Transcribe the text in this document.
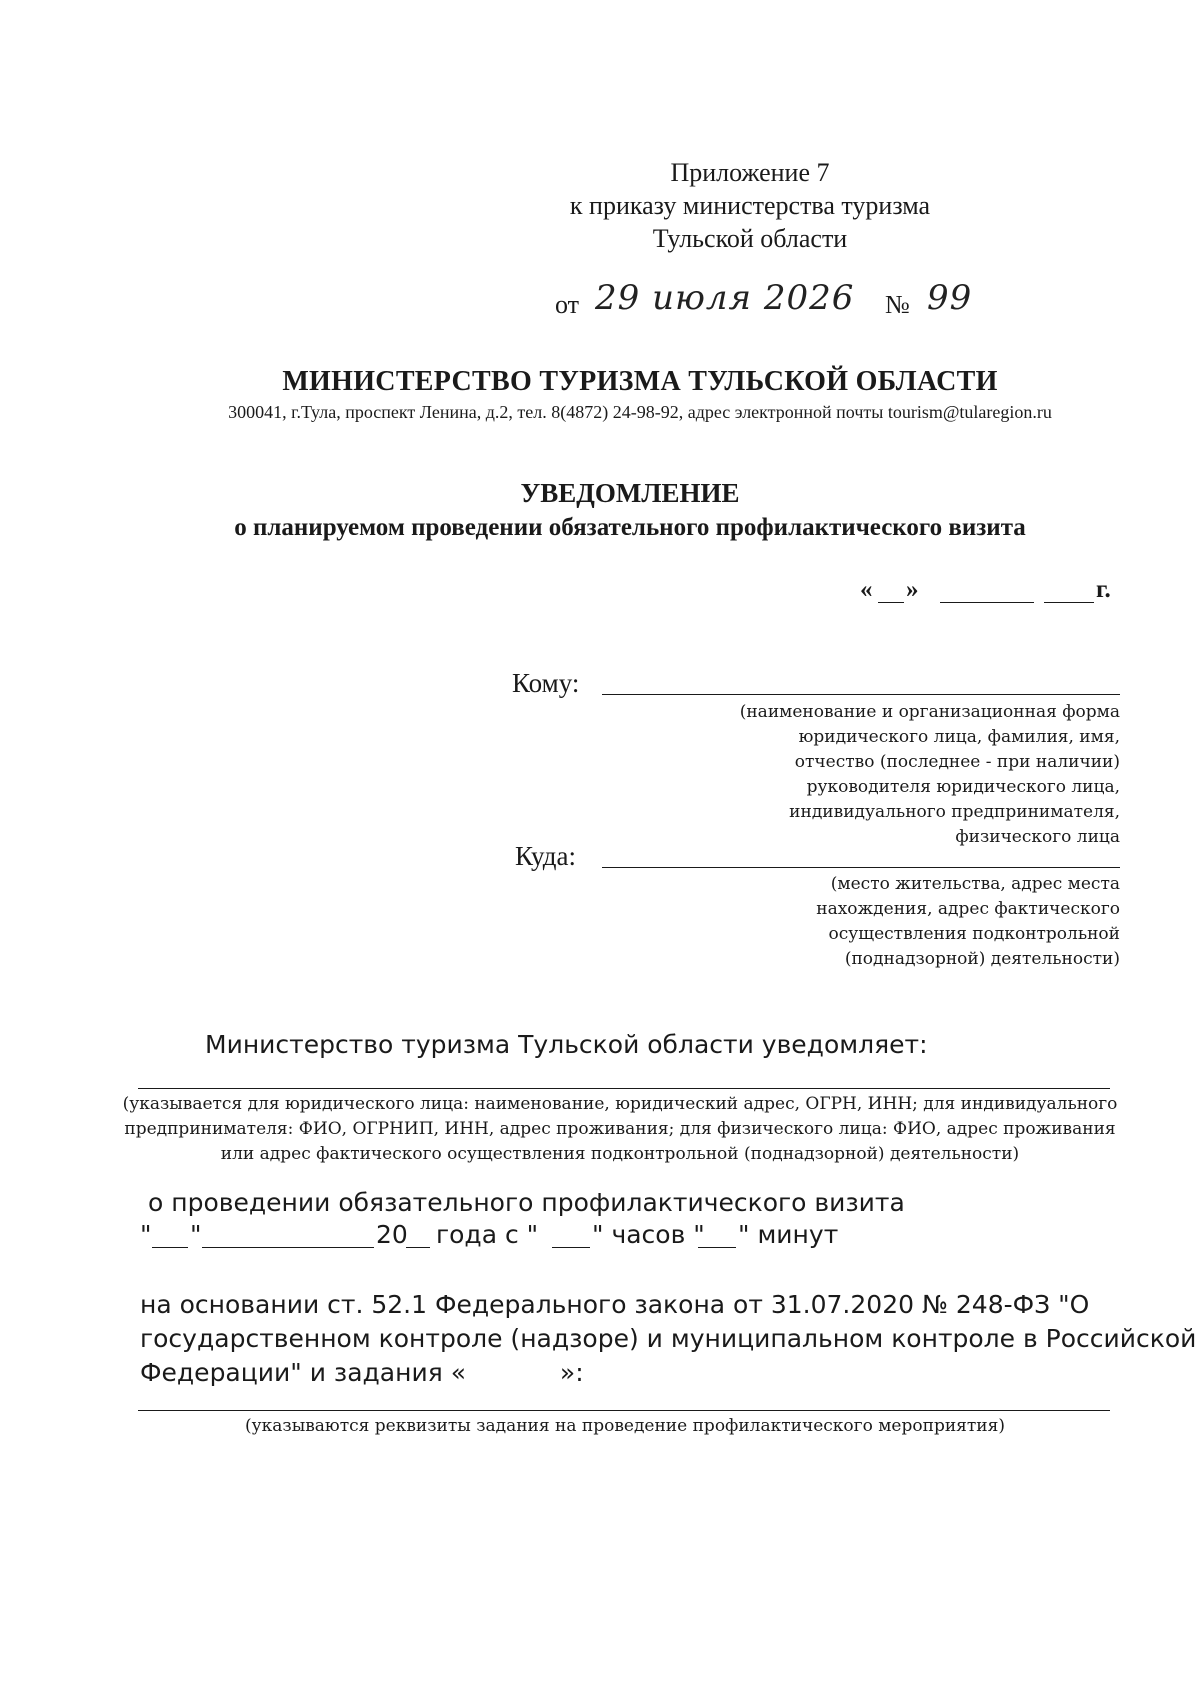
Приложение 7
к приказу министерства туризма
Тульской области
от 29 июля 2026 № 99
МИНИСТЕРСТВО ТУРИЗМА ТУЛЬСКОЙ ОБЛАСТИ
300041, г.Тула, проспект Ленина, д.2, тел. 8(4872) 24-98-92, адрес электронной почты tourism@tularegion.ru
УВЕДОМЛЕНИЕ
о планируемом проведении обязательного профилактического визита
« »	г.
Кому:
(наименование и организационная форма
юридического лица, фамилия, имя,
отчество (последнее - при наличии)
руководителя юридического лица,
индивидуального предпринимателя,
физического лица
Куда:
(место жительства, адрес места
нахождения, адрес фактического
осуществления подконтрольной
(поднадзорной) деятельности)
Министерство туризма Тульской области уведомляет:
(указывается для юридического лица: наименование, юридический адрес, ОГРН, ИНН; для индивидуального
предпринимателя: ФИО, ОГРНИП, ИНН, адрес проживания; для физического лица: ФИО, адрес проживания
или адрес фактического осуществления подконтрольной (поднадзорной) деятельности)
о проведении обязательного профилактического визита
" "	20 года с " " часов " " минут
на основании ст. 52.1 Федерального закона от 31.07.2020 № 248-ФЗ "О
государственном контроле (надзоре) и муниципальном контроле в Российской
Федерации" и задания «	»:
(указываются реквизиты задания на проведение профилактического мероприятия)
